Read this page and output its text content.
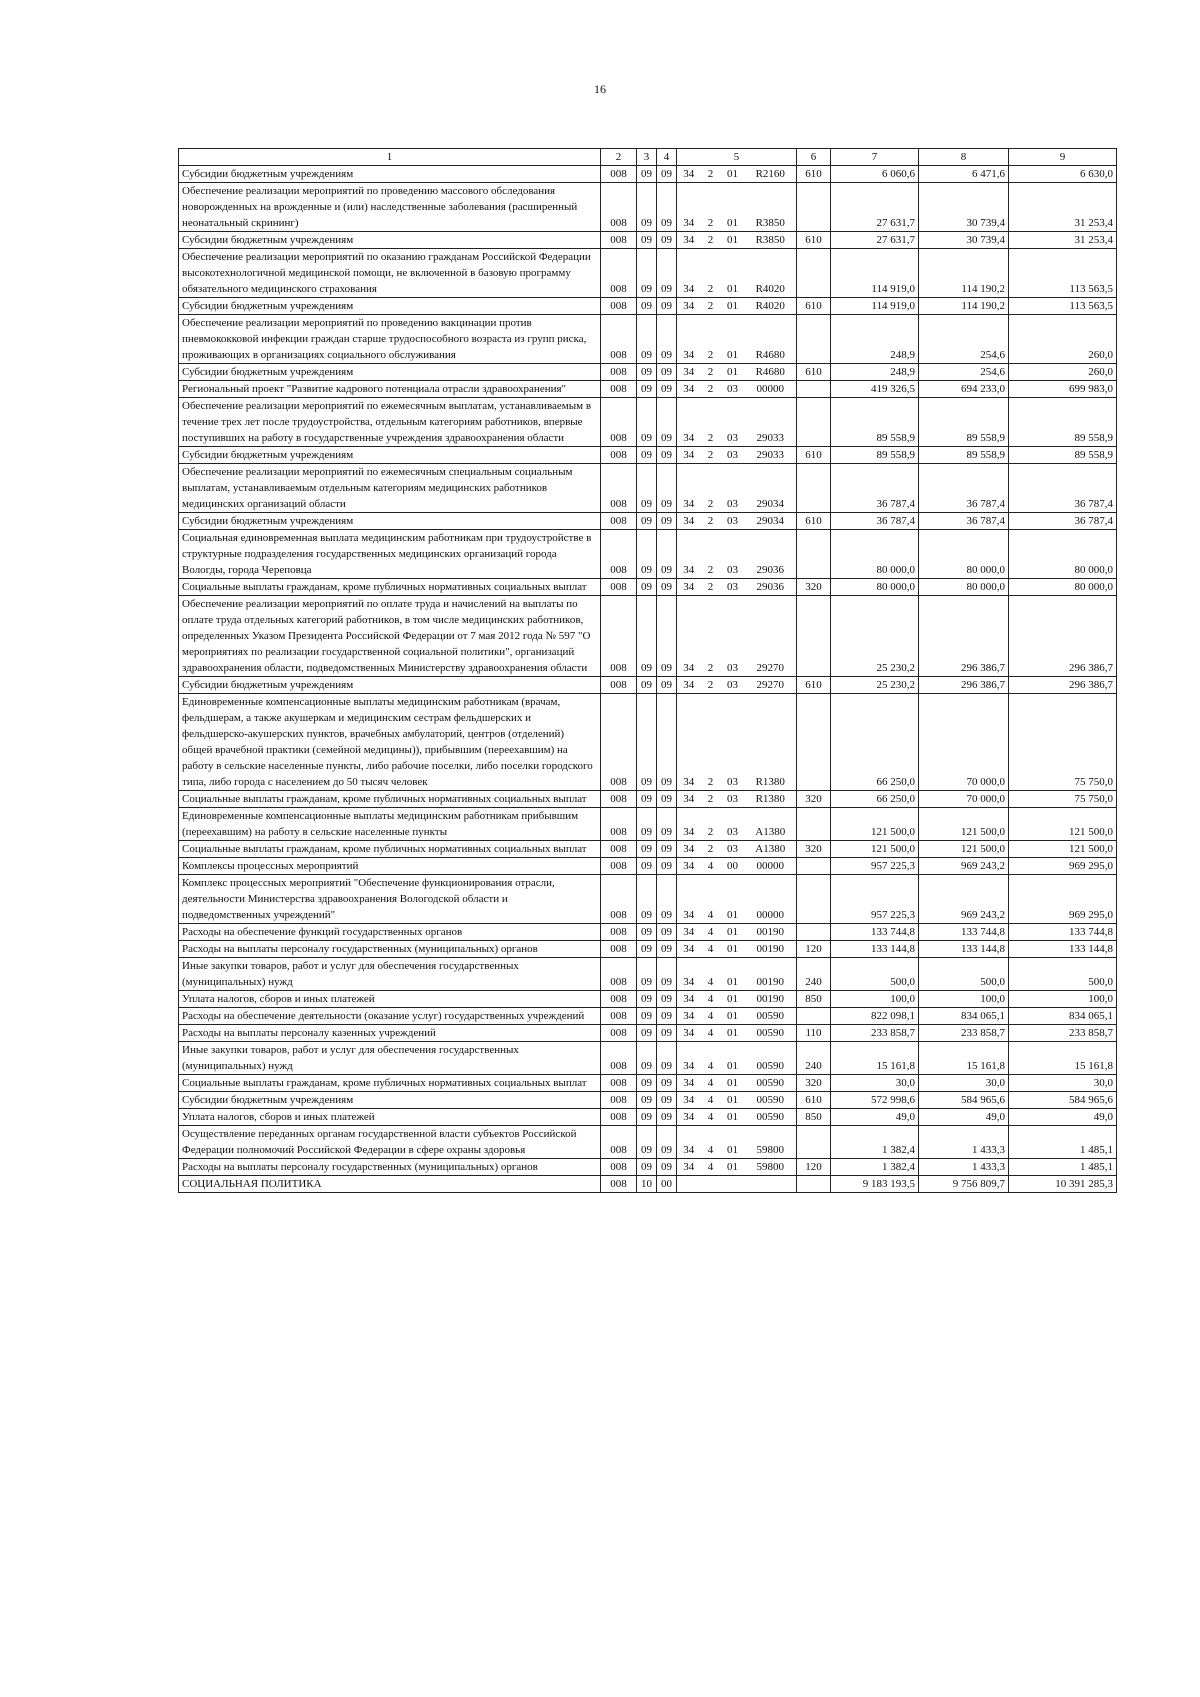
16
1	2	3	4	5				6	7	8	9
Субсидии бюджетным учреждениям	008	09	09	34	2	01	R2160	610	6 060,6	6 471,6	6 630,0
Обеспечение реализации мероприятий по проведению массового обследования новорожденных на врожденные и (или) наследственные заболевания (расширенный неонатальный скрининг)	008	09	09	34	2	01	R3850		27 631,7	30 739,4	31 253,4
Субсидии бюджетным учреждениям	008	09	09	34	2	01	R3850	610	27 631,7	30 739,4	31 253,4
Обеспечение реализации мероприятий по оказанию гражданам Российской Федерации высокотехнологичной медицинской помощи, не включенной в базовую программу обязательного медицинского страхования	008	09	09	34	2	01	R4020		114 919,0	114 190,2	113 563,5
Субсидии бюджетным учреждениям	008	09	09	34	2	01	R4020	610	114 919,0	114 190,2	113 563,5
Обеспечение реализации мероприятий по проведению вакцинации против пневмококковой инфекции граждан старше трудоспособного возраста из групп риска, проживающих в организациях социального обслуживания	008	09	09	34	2	01	R4680		248,9	254,6	260,0
Субсидии бюджетным учреждениям	008	09	09	34	2	01	R4680	610	248,9	254,6	260,0
Региональный проект "Развитие кадрового потенциала отрасли здравоохранения"	008	09	09	34	2	03	00000		419 326,5	694 233,0	699 983,0
Обеспечение реализации мероприятий по ежемесячным выплатам, устанавливаемым в течение трех лет после трудоустройства, отдельным категориям работников, впервые поступивших на работу в государственные учреждения здравоохранения области	008	09	09	34	2	03	29033		89 558,9	89 558,9	89 558,9
Субсидии бюджетным учреждениям	008	09	09	34	2	03	29033	610	89 558,9	89 558,9	89 558,9
Обеспечение реализации мероприятий по ежемесячным специальным социальным выплатам, устанавливаемым отдельным категориям медицинских работников медицинских организаций области	008	09	09	34	2	03	29034		36 787,4	36 787,4	36 787,4
Субсидии бюджетным учреждениям	008	09	09	34	2	03	29034	610	36 787,4	36 787,4	36 787,4
Социальная единовременная выплата медицинским работникам при трудоустройстве в структурные подразделения государственных медицинских организаций города Вологды, города Череповца	008	09	09	34	2	03	29036		80 000,0	80 000,0	80 000,0
Социальные выплаты гражданам, кроме публичных нормативных социальных выплат	008	09	09	34	2	03	29036	320	80 000,0	80 000,0	80 000,0
Обеспечение реализации мероприятий по оплате труда и начислений на выплаты по оплате труда отдельных категорий работников, в том числе медицинских работников, определенных Указом Президента Российской Федерации от 7 мая 2012 года № 597 "О мероприятиях по реализации государственной социальной политики", организаций здравоохранения области, подведомственных Министерству здравоохранения области	008	09	09	34	2	03	29270		25 230,2	296 386,7	296 386,7
Субсидии бюджетным учреждениям	008	09	09	34	2	03	29270	610	25 230,2	296 386,7	296 386,7
Единовременные компенсационные выплаты медицинским работникам (врачам, фельдшерам, а также акушеркам и медицинским сестрам фельдшерских и фельдшерско-акушерских пунктов, врачебных амбулаторий, центров (отделений) общей врачебной практики (семейной медицины)), прибывшим (переехавшим) на работу в сельские населенные пункты, либо рабочие поселки, либо поселки городского типа, либо города с населением до 50 тысяч человек	008	09	09	34	2	03	R1380		66 250,0	70 000,0	75 750,0
Социальные выплаты гражданам, кроме публичных нормативных социальных выплат	008	09	09	34	2	03	R1380	320	66 250,0	70 000,0	75 750,0
Единовременные компенсационные выплаты медицинским работникам прибывшим (переехавшим) на работу в сельские населенные пункты	008	09	09	34	2	03	A1380		121 500,0	121 500,0	121 500,0
Социальные выплаты гражданам, кроме публичных нормативных социальных выплат	008	09	09	34	2	03	A1380	320	121 500,0	121 500,0	121 500,0
Комплексы процессных мероприятий	008	09	09	34	4	00	00000		957 225,3	969 243,2	969 295,0
Комплекс процессных мероприятий "Обеспечение функционирования отрасли, деятельности Министерства здравоохранения Вологодской области и подведомственных учреждений"	008	09	09	34	4	01	00000		957 225,3	969 243,2	969 295,0
Расходы на обеспечение функций государственных органов	008	09	09	34	4	01	00190		133 744,8	133 744,8	133 744,8
Расходы на выплаты персоналу государственных (муниципальных) органов	008	09	09	34	4	01	00190	120	133 144,8	133 144,8	133 144,8
Иные закупки товаров, работ и услуг для обеспечения государственных (муниципальных) нужд	008	09	09	34	4	01	00190	240	500,0	500,0	500,0
Уплата налогов, сборов и иных платежей	008	09	09	34	4	01	00190	850	100,0	100,0	100,0
Расходы на обеспечение деятельности (оказание услуг) государственных учреждений	008	09	09	34	4	01	00590		822 098,1	834 065,1	834 065,1
Расходы на выплаты персоналу казенных учреждений	008	09	09	34	4	01	00590	110	233 858,7	233 858,7	233 858,7
Иные закупки товаров, работ и услуг для обеспечения государственных (муниципальных) нужд	008	09	09	34	4	01	00590	240	15 161,8	15 161,8	15 161,8
Социальные выплаты гражданам, кроме публичных нормативных социальных выплат	008	09	09	34	4	01	00590	320	30,0	30,0	30,0
Субсидии бюджетным учреждениям	008	09	09	34	4	01	00590	610	572 998,6	584 965,6	584 965,6
Уплата налогов, сборов и иных платежей	008	09	09	34	4	01	00590	850	49,0	49,0	49,0
Осуществление переданных органам государственной власти субъектов Российской Федерации полномочий Российской Федерации в сфере охраны здоровья	008	09	09	34	4	01	59800		1 382,4	1 433,3	1 485,1
Расходы на выплаты персоналу государственных (муниципальных) органов	008	09	09	34	4	01	59800	120	1 382,4	1 433,3	1 485,1
СОЦИАЛЬНАЯ ПОЛИТИКА	008	10	00						9 183 193,5	9 756 809,7	10 391 285,3
